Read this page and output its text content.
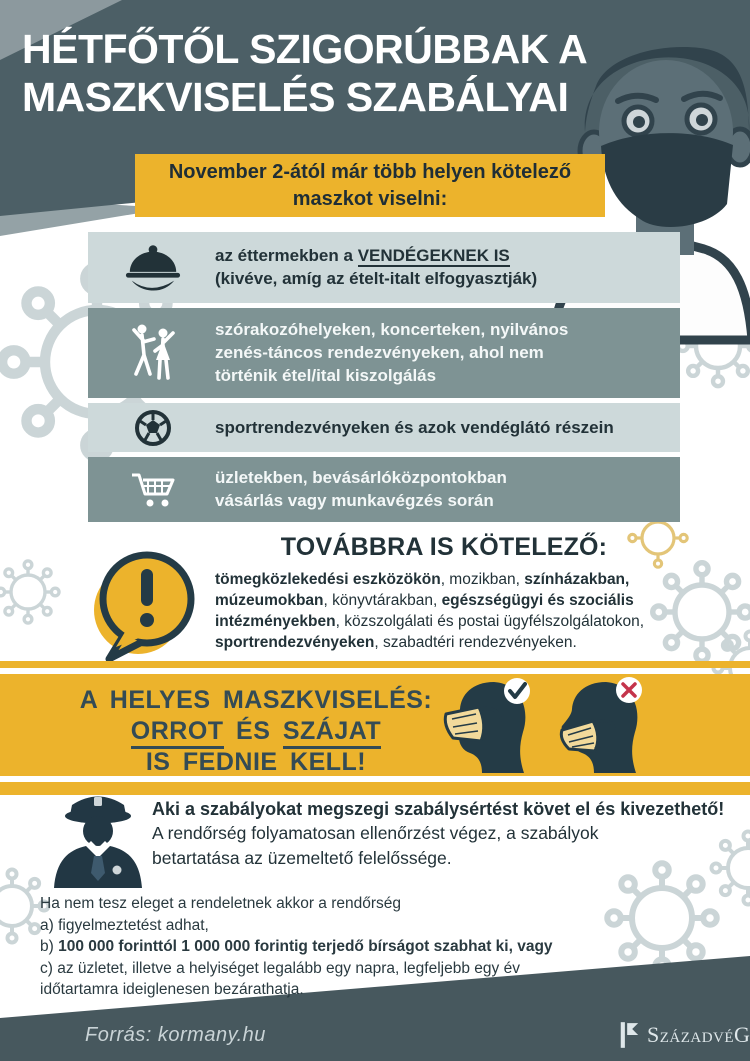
HÉTFŐTŐL SZIGORÚBBAK A
MASZKVISELÉS SZABÁLYAI
November 2-ától már több helyen kötelező
maszkot viselni:
az éttermekben a VENDÉGEKNEK IS
(kivéve, amíg az ételt-italt elfogyasztják)
szórakozóhelyeken, koncerteken, nyilvános
zenés-táncos rendezvényeken, ahol nem
történik étel/ital kiszolgálás
sportrendezvényeken és azok vendéglátó részein
üzletekben, bevásárlóközpontokban
vásárlás vagy munkavégzés során
TOVÁBBRA IS KÖTELEZŐ:
tömegközlekedési eszközökön, mozikban, színházakban,
múzeumokban, könyvtárakban, egészségügyi és szociális
intézményekben, közszolgálati és postai ügyfélszolgálatokon,
sportrendezvényeken, szabadtéri rendezvényeken.
A HELYES MASZKVISELÉS:
ORROT ÉS SZÁJAT
IS FEDNIE KELL!
Aki a szabályokat megszegi szabálysértést követ el és kivezethető!
A rendőrség folyamatosan ellenőrzést végez, a szabályok
betartatása az üzemeltető felelőssége.
Ha nem tesz eleget a rendeletnek akkor a rendőrség
a) figyelmeztetést adhat,
b) 100 000 forinttól 1 000 000 forintig terjedő bírságot szabhat ki, vagy
c) az üzletet, illetve a helyiséget legalább egy napra, legfeljebb egy év
időtartamra ideiglenesen bezárathatja.
Forrás: kormany.hu	SzázadvéG
